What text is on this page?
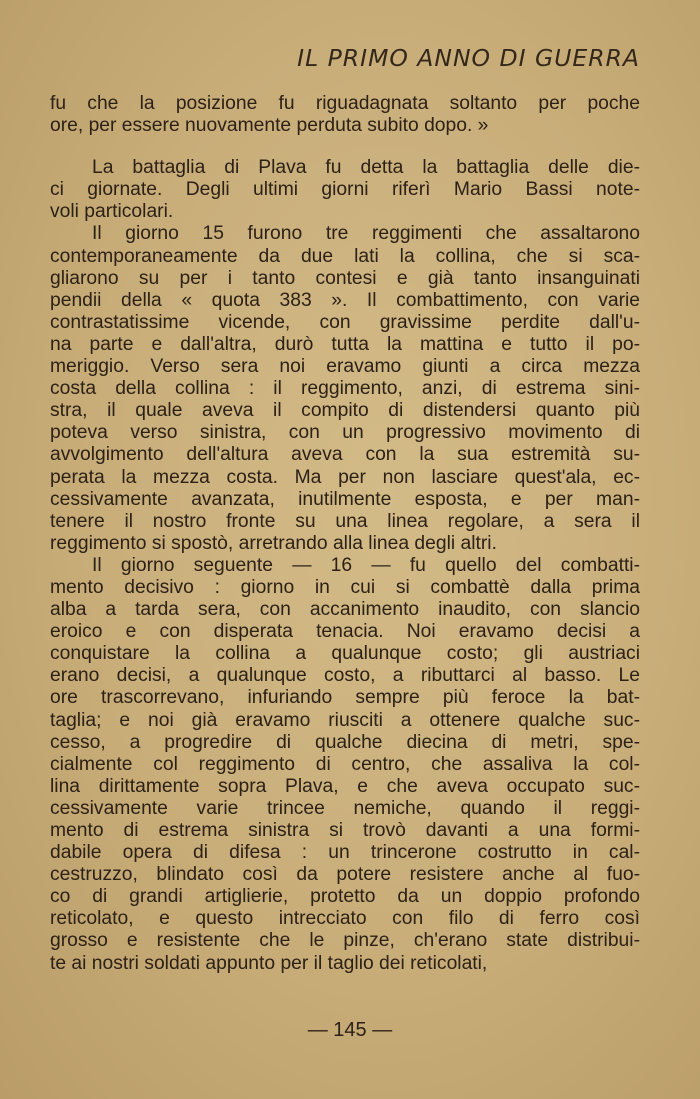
IL PRIMO ANNO DI GUERRA
fu che la posizione fu riguadagnata soltanto per poche
ore, per essere nuovamente perduta subito dopo. »
La battaglia di Plava fu detta la battaglia delle die-
ci giornate. Degli ultimi giorni riferì Mario Bassi note-
voli particolari.
Il giorno 15 furono tre reggimenti che assaltarono
contemporaneamente da due lati la collina, che si sca-
gliarono su per i tanto contesi e già tanto insanguinati
pendii della « quota 383 ». Il combattimento, con varie
contrastatissime vicende, con gravissime perdite dall'u-
na parte e dall'altra, durò tutta la mattina e tutto il po-
meriggio. Verso sera noi eravamo giunti a circa mezza
costa della collina : il reggimento, anzi, di estrema sini-
stra, il quale aveva il compito di distendersi quanto più
poteva verso sinistra, con un progressivo movimento di
avvolgimento dell'altura aveva con la sua estremità su-
perata la mezza costa. Ma per non lasciare quest'ala, ec-
cessivamente avanzata, inutilmente esposta, e per man-
tenere il nostro fronte su una linea regolare, a sera il
reggimento si spostò, arretrando alla linea degli altri.
Il giorno seguente — 16 — fu quello del combatti-
mento decisivo : giorno in cui si combattè dalla prima
alba a tarda sera, con accanimento inaudito, con slancio
eroico e con disperata tenacia. Noi eravamo decisi a
conquistare la collina a qualunque costo; gli austriaci
erano decisi, a qualunque costo, a ributtarci al basso. Le
ore trascorrevano, infuriando sempre più feroce la bat-
taglia; e noi già eravamo riusciti a ottenere qualche suc-
cesso, a progredire di qualche diecina di metri, spe-
cialmente col reggimento di centro, che assaliva la col-
lina dirittamente sopra Plava, e che aveva occupato suc-
cessivamente varie trincee nemiche, quando il reggi-
mento di estrema sinistra si trovò davanti a una formi-
dabile opera di difesa : un trincerone costrutto in cal-
cestruzzo, blindato così da potere resistere anche al fuo-
co di grandi artiglierie, protetto da un doppio profondo
reticolato, e questo intrecciato con filo di ferro così
grosso e resistente che le pinze, ch'erano state distribui-
te ai nostri soldati appunto per il taglio dei reticolati,
— 145 —
